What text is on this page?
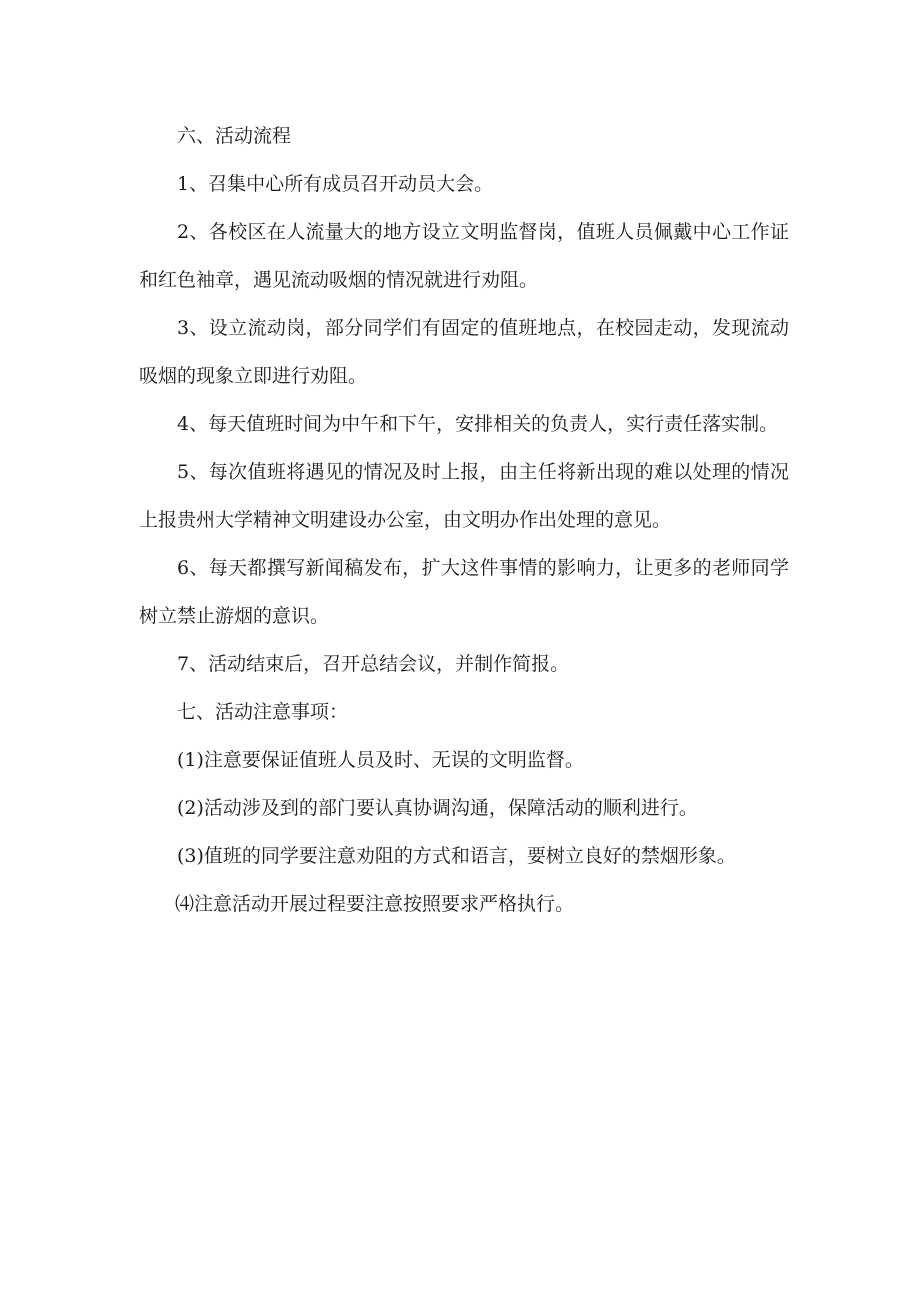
六、活动流程

1、召集中心所有成员召开动员大会。

2、各校区在人流量大的地方设立文明监督岗，值班人员佩戴中心工作证和红色袖章，遇见流动吸烟的情况就进行劝阻。

3、设立流动岗，部分同学们有固定的值班地点，在校园走动，发现流动吸烟的现象立即进行劝阻。

4、每天值班时间为中午和下午，安排相关的负责人，实行责任落实制。

5、每次值班将遇见的情况及时上报，由主任将新出现的难以处理的情况上报贵州大学精神文明建设办公室，由文明办作出处理的意见。

6、每天都撰写新闻稿发布，扩大这件事情的影响力，让更多的老师同学树立禁止游烟的意识。

7、活动结束后，召开总结会议，并制作简报。

七、活动注意事项：

(1)注意要保证值班人员及时、无误的文明监督。

(2)活动涉及到的部门要认真协调沟通，保障活动的顺利进行。

(3)值班的同学要注意劝阻的方式和语言，要树立良好的禁烟形象。

⑷注意活动开展过程要注意按照要求严格执行。
